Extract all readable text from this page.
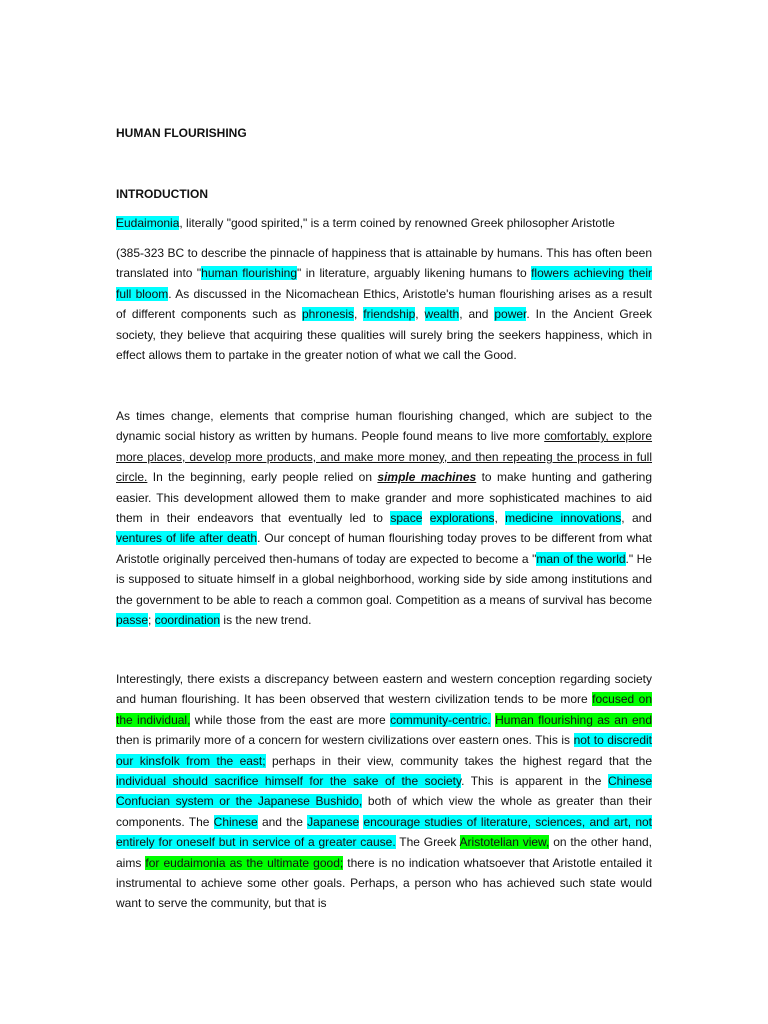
HUMAN FLOURISHING
INTRODUCTION

Eudaimonia, literally "good spirited," is a term coined by renowned Greek philosopher Aristotle

(385-323 BC to describe the pinnacle of happiness that is attainable by humans. This has often been translated into "human flourishing" in literature, arguably likening humans to flowers achieving their full bloom. As discussed in the Nicomachean Ethics, Aristotle's human flourishing arises as a result of different components such as phronesis, friendship, wealth, and power. In the Ancient Greek society, they believe that acquiring these qualities will surely bring the seekers happiness, which in effect allows them to partake in the greater notion of what we call the Good.

As times change, elements that comprise human flourishing changed, which are subject to the dynamic social history as written by humans. People found means to live more comfortably, explore more places, develop more products, and make more money, and then repeating the process in full circle. In the beginning, early people relied on simple machines to make hunting and gathering easier. This development allowed them to make grander and more sophisticated machines to aid them in their endeavors that eventually led to space explorations, medicine innovations, and ventures of life after death. Our concept of human flourishing today proves to be different from what Aristotle originally perceived then-humans of today are expected to become a "man of the world." He is supposed to situate himself in a global neighborhood, working side by side among institutions and the government to be able to reach a common goal. Competition as a means of survival has become passe; coordination is the new trend.

Interestingly, there exists a discrepancy between eastern and western conception regarding society and human flourishing. It has been observed that western civilization tends to be more focused on the individual, while those from the east are more community-centric. Human flourishing as an end then is primarily more of a concern for western civilizations over eastern ones. This is not to discredit our kinsfolk from the east; perhaps in their view, community takes the highest regard that the individual should sacrifice himself for the sake of the society. This is apparent in the Chinese Confucian system or the Japanese Bushido, both of which view the whole as greater than their components. The Chinese and the Japanese encourage studies of literature, sciences, and art, not entirely for oneself but in service of a greater cause. The Greek Aristotelian view, on the other hand, aims for eudaimonia as the ultimate good; there is no indication whatsoever that Aristotle entailed it instrumental to achieve some other goals. Perhaps, a person who has achieved such state would want to serve the community, but that is
